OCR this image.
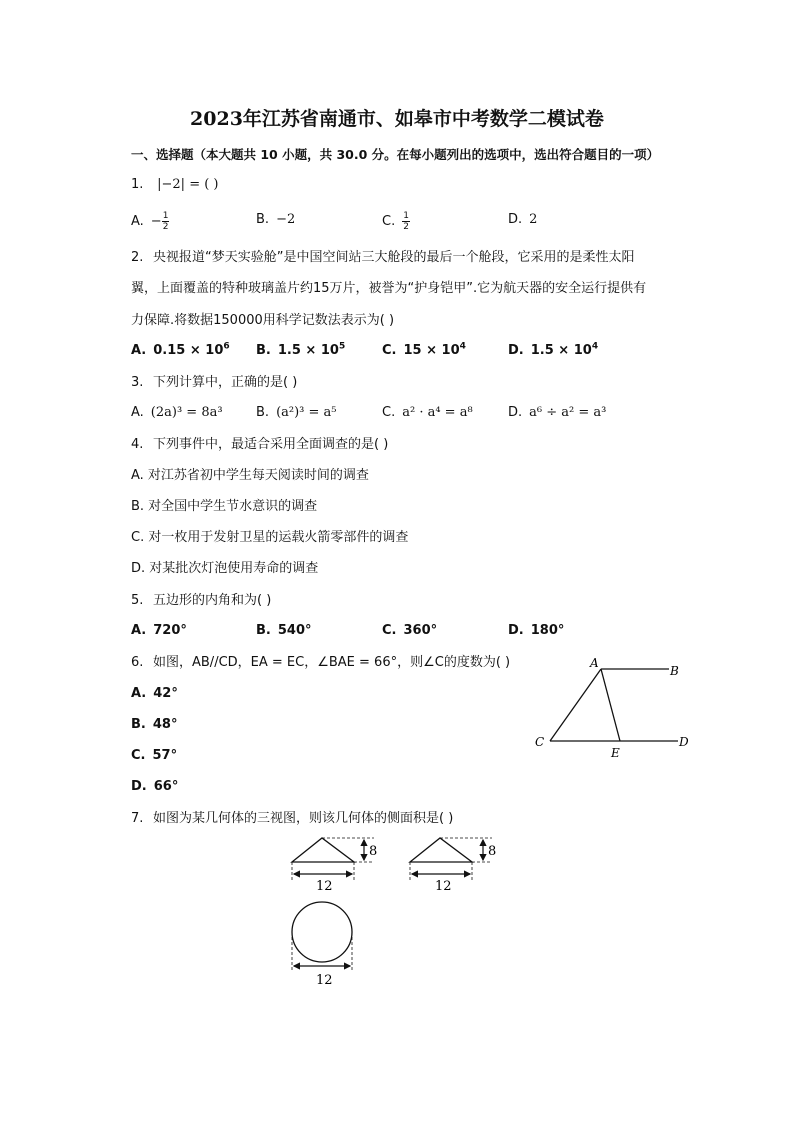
2023年江苏省南通市、如皋市中考数学二模试卷
一、选择题（本大题共 10 小题，共 30.0 分。在每小题列出的选项中，选出符合题目的一项）
1. |−2| = ( )
A. − $\frac{1}{2}$	B. −2	C. $\frac{1}{2}$	D. 2
2. 央视报道“梦天实验舱”是中国空间站三大舱段的最后一个舱段，它采用的是柔性太阳
翼，上面覆盖的特种玻璃盖片约15万片，被誉为“护身铠甲”.它为航天器的安全运行提供有
力保障.将数据150000用科学记数法表示为( )
A. $0.15 \times 10^6$ B. $1.5 \times 10^5$	C. $15 \times 10^4$	D. $1.5 \times 10^4$
3. 下列计算中，正确的是( )
A. (2a)³ = 8a³	B. (a²)³ = a⁵	C. a² · a⁴ = a⁸	D. a⁶ ÷ a² = a³
4. 下列事件中，最适合采用全面调查的是( )
A. 对江苏省初中学生每天阅读时间的调查
B. 对全国中学生节水意识的调查
C. 对一枚用于发射卫星的运载火箭零部件的调查
D. 对某批次灯泡使用寿命的调查
5. 五边形的内角和为( )
A. 720°	B. 540°	C. 360°	D. 180°
6. 如图，AB//CD，EA = EC，∠BAE = 66°，则∠C的度数为( )
A. 42°
B. 48°
C. 57°
D. 66°
A
B
C	D
E
7. 如图为某几何体的三视图，则该几何体的侧面积是( )
8
12
8
12
12
